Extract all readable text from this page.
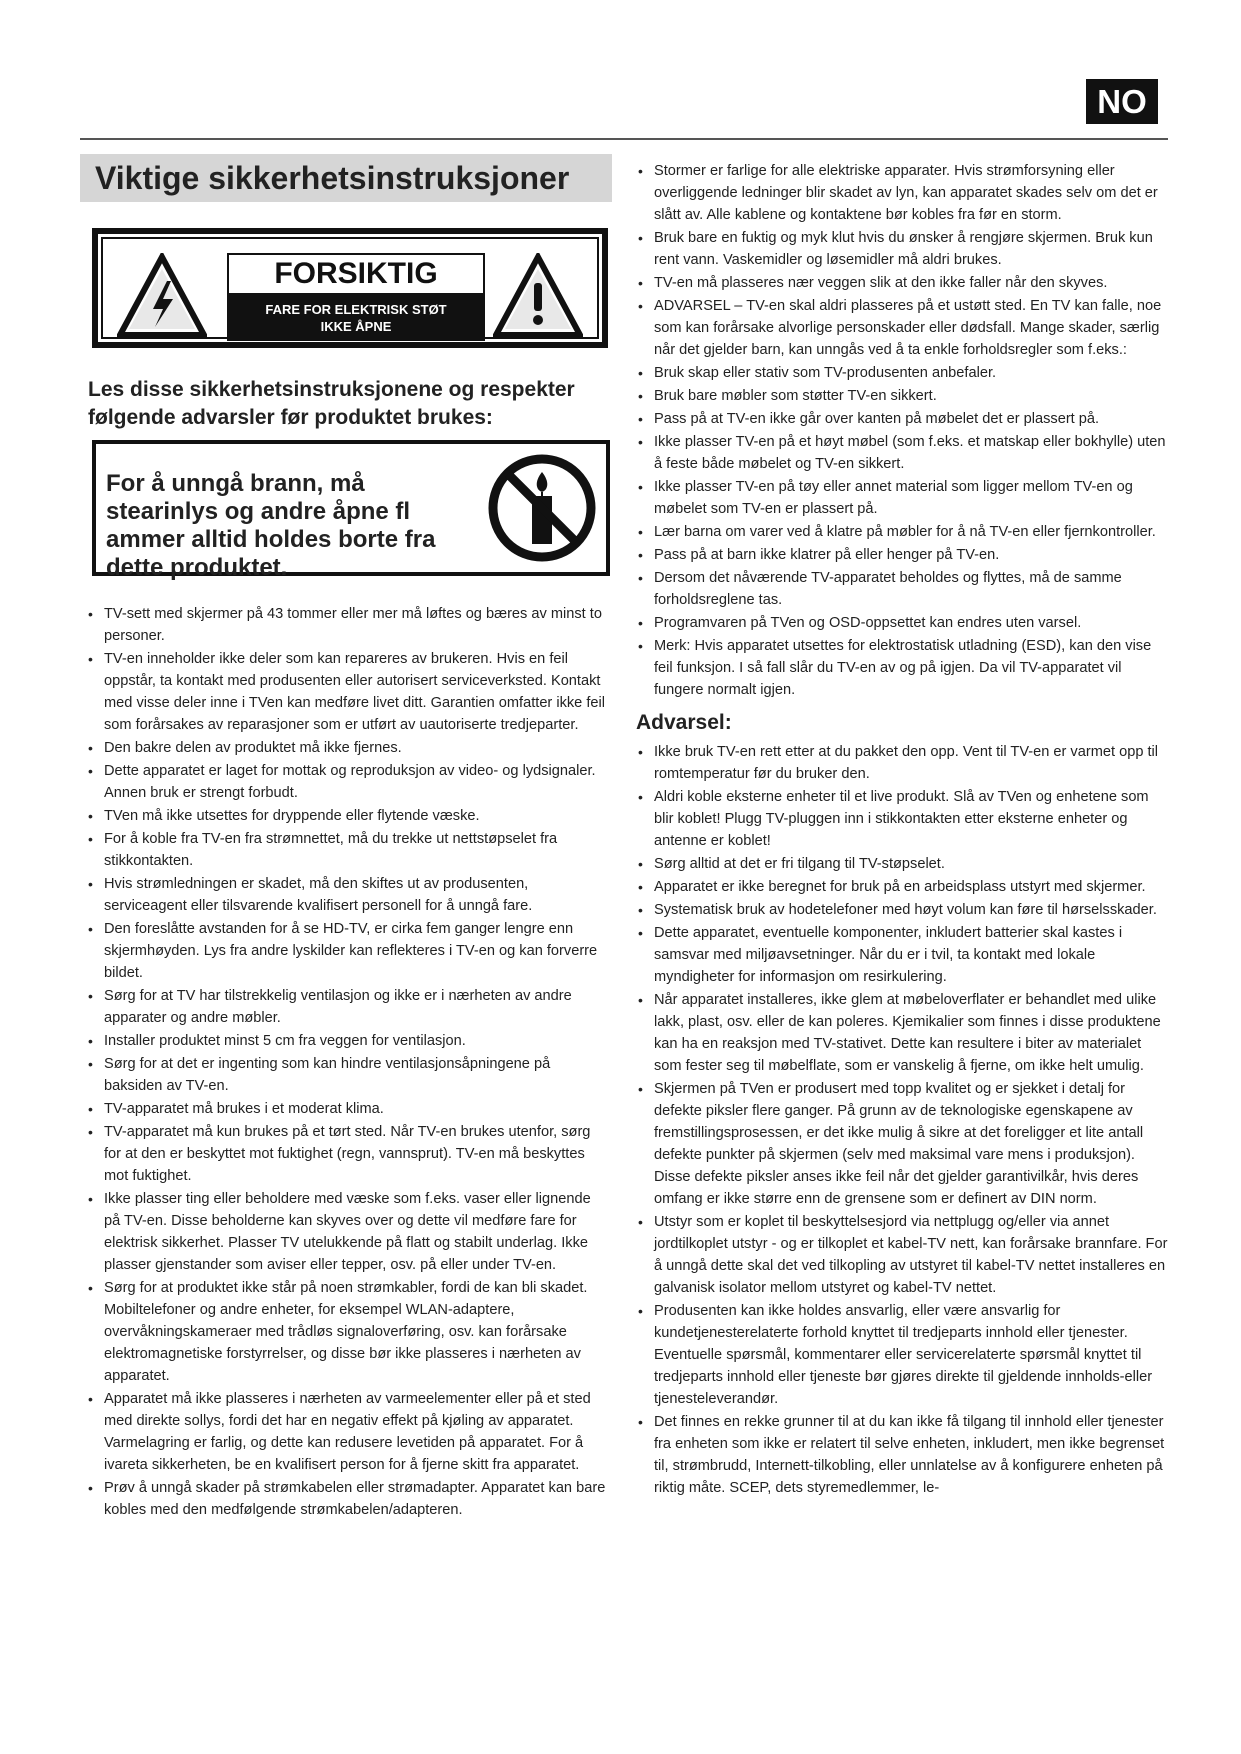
NO
Viktige sikkerhetsinstruksjoner
FORSIKTIG
FARE FOR ELEKTRISK STØT
IKKE ÅPNE
Les disse sikkerhetsinstruksjonene og respekter følgende advarsler før produktet brukes:
For å unngå brann, må stearinlys og andre åpne fl ammer alltid holdes borte fra dette produktet.
• TV-sett med skjermer på 43 tommer eller mer må løftes og bæres av minst to personer.
• TV-en inneholder ikke deler som kan repareres av brukeren. Hvis en feil oppstår, ta kontakt med produsenten eller autorisert serviceverksted. Kontakt med visse deler inne i TVen kan medføre livet ditt. Garantien omfatter ikke feil som forårsakes av reparasjoner som er utført av uautoriserte tredjeparter.
• Den bakre delen av produktet må ikke fjernes.
• Dette apparatet er laget for mottak og reproduksjon av video- og lydsignaler. Annen bruk er strengt forbudt.
• TVen må ikke utsettes for dryppende eller flytende væske.
• For å koble fra TV-en fra strømnettet, må du trekke ut nettstøpselet fra stikkontakten.
• Hvis strømledningen er skadet, må den skiftes ut av produsenten, serviceagent eller tilsvarende kvalifisert personell for å unngå fare.
• Den foreslåtte avstanden for å se HD-TV, er cirka fem ganger lengre enn skjermhøyden. Lys fra andre lyskilder kan reflekteres i TV-en og kan forverre bildet.
• Sørg for at TV har tilstrekkelig ventilasjon og ikke er i nærheten av andre apparater og andre møbler.
• Installer produktet minst 5 cm fra veggen for ventilasjon.
• Sørg for at det er ingenting som kan hindre ventilasjonsåpningene på baksiden av TV-en.
• TV-apparatet må brukes i et moderat klima.
• TV-apparatet må kun brukes på et tørt sted. Når TV-en brukes utenfor, sørg for at den er beskyttet mot fuktighet (regn, vannsprut). TV-en må beskyttes mot fuktighet.
• Ikke plasser ting eller beholdere med væske som f.eks. vaser eller lignende på TV-en. Disse beholderne kan skyves over og dette vil medføre fare for elektrisk sikkerhet. Plasser TV utelukkende på flatt og stabilt underlag. Ikke plasser gjenstander som aviser eller tepper, osv. på eller under TV-en.
• Sørg for at produktet ikke står på noen strømkabler, fordi de kan bli skadet. Mobiltelefoner og andre enheter, for eksempel WLAN-adaptere, overvåkningskameraer med trådløs signaloverføring, osv. kan forårsake elektromagnetiske forstyrrelser, og disse bør ikke plasseres i nærheten av apparatet.
• Apparatet må ikke plasseres i nærheten av varmeelementer eller på et sted med direkte sollys, fordi det har en negativ effekt på kjøling av apparatet. Varmelagring er farlig, og dette kan redusere levetiden på apparatet. For å ivareta sikkerheten, be en kvalifisert person for å fjerne skitt fra apparatet.
• Prøv å unngå skader på strømkabelen eller strømadapter. Apparatet kan bare kobles med den medfølgende strømkabelen/adapteren.
• Stormer er farlige for alle elektriske apparater. Hvis strømforsyning eller overliggende ledninger blir skadet av lyn, kan apparatet skades selv om det er slått av. Alle kablene og kontaktene bør kobles fra før en storm.
• Bruk bare en fuktig og myk klut hvis du ønsker å rengjøre skjermen. Bruk kun rent vann. Vaskemidler og løsemidler må aldri brukes.
• TV-en må plasseres nær veggen slik at den ikke faller når den skyves.
• ADVARSEL – TV-en skal aldri plasseres på et ustøtt sted. En TV kan falle, noe som kan forårsake alvorlige personskader eller dødsfall. Mange skader, særlig når det gjelder barn, kan unngås ved å ta enkle forholdsregler som f.eks.:
• Bruk skap eller stativ som TV-produsenten anbefaler.
• Bruk bare møbler som støtter TV-en sikkert.
• Pass på at TV-en ikke går over kanten på møbelet det er plassert på.
• Ikke plasser TV-en på et høyt møbel (som f.eks. et matskap eller bokhylle) uten å feste både møbelet og TV-en sikkert.
• Ikke plasser TV-en på tøy eller annet material som ligger mellom TV-en og møbelet som TV-en er plassert på.
• Lær barna om varer ved å klatre på møbler for å nå TV-en eller fjernkontroller.
• Pass på at barn ikke klatrer på eller henger på TV-en.
• Dersom det nåværende TV-apparatet beholdes og flyttes, må de samme forholdsreglene tas.
• Programvaren på TVen og OSD-oppsettet kan endres uten varsel.
• Merk: Hvis apparatet utsettes for elektrostatisk utladning (ESD), kan den vise feil funksjon. I så fall slår du TV-en av og på igjen. Da vil TV-apparatet vil fungere normalt igjen.
Advarsel:
• Ikke bruk TV-en rett etter at du pakket den opp. Vent til TV-en er varmet opp til romtemperatur før du bruker den.
• Aldri koble eksterne enheter til et live produkt. Slå av TVen og enhetene som blir koblet! Plugg TV-pluggen inn i stikkontakten etter eksterne enheter og antenne er koblet!
• Sørg alltid at det er fri tilgang til TV-støpselet.
• Apparatet er ikke beregnet for bruk på en arbeidsplass utstyrt med skjermer.
• Systematisk bruk av hodetelefoner med høyt volum kan føre til hørselsskader.
• Dette apparatet, eventuelle komponenter, inkludert batterier skal kastes i samsvar med miljøavsetninger. Når du er i tvil, ta kontakt med lokale myndigheter for informasjon om resirkulering.
• Når apparatet installeres, ikke glem at møbeloverflater er behandlet med ulike lakk, plast, osv. eller de kan poleres. Kjemikalier som finnes i disse produktene kan ha en reaksjon med TV-stativet. Dette kan resultere i biter av materialet som fester seg til møbelflate, som er vanskelig å fjerne, om ikke helt umulig.
• Skjermen på TVen er produsert med topp kvalitet og er sjekket i detalj for defekte piksler flere ganger. På grunn av de teknologiske egenskapene av fremstillingsprosessen, er det ikke mulig å sikre at det foreligger et lite antall defekte punkter på skjermen (selv med maksimal vare mens i produksjon). Disse defekte piksler anses ikke feil når det gjelder garantivilkår, hvis deres omfang er ikke større enn de grensene som er definert av DIN norm.
• Utstyr som er koplet til beskyttelsesjord via nettplugg og/eller via annet jordtilkoplet utstyr - og er tilkoplet et kabel-TV nett, kan forårsake brannfare. For å unngå dette skal det ved tilkopling av utstyret til kabel-TV nettet installeres en galvanisk isolator mellom utstyret og kabel-TV nettet.
• Produsenten kan ikke holdes ansvarlig, eller være ansvarlig for kundetjenesterelaterte forhold knyttet til tredjeparts innhold eller tjenester. Eventuelle spørsmål, kommentarer eller servicerelaterte spørsmål knyttet til tredjeparts innhold eller tjeneste bør gjøres direkte til gjeldende innholds-eller tjenesteleverandør.
• Det finnes en rekke grunner til at du kan ikke få tilgang til innhold eller tjenester fra enheten som ikke er relatert til selve enheten, inkludert, men ikke begrenset til, strømbrudd, Internett-tilkobling, eller unnlatelse av å konfigurere enheten på riktig måte. SCEP, dets styremedlemmer, le-
